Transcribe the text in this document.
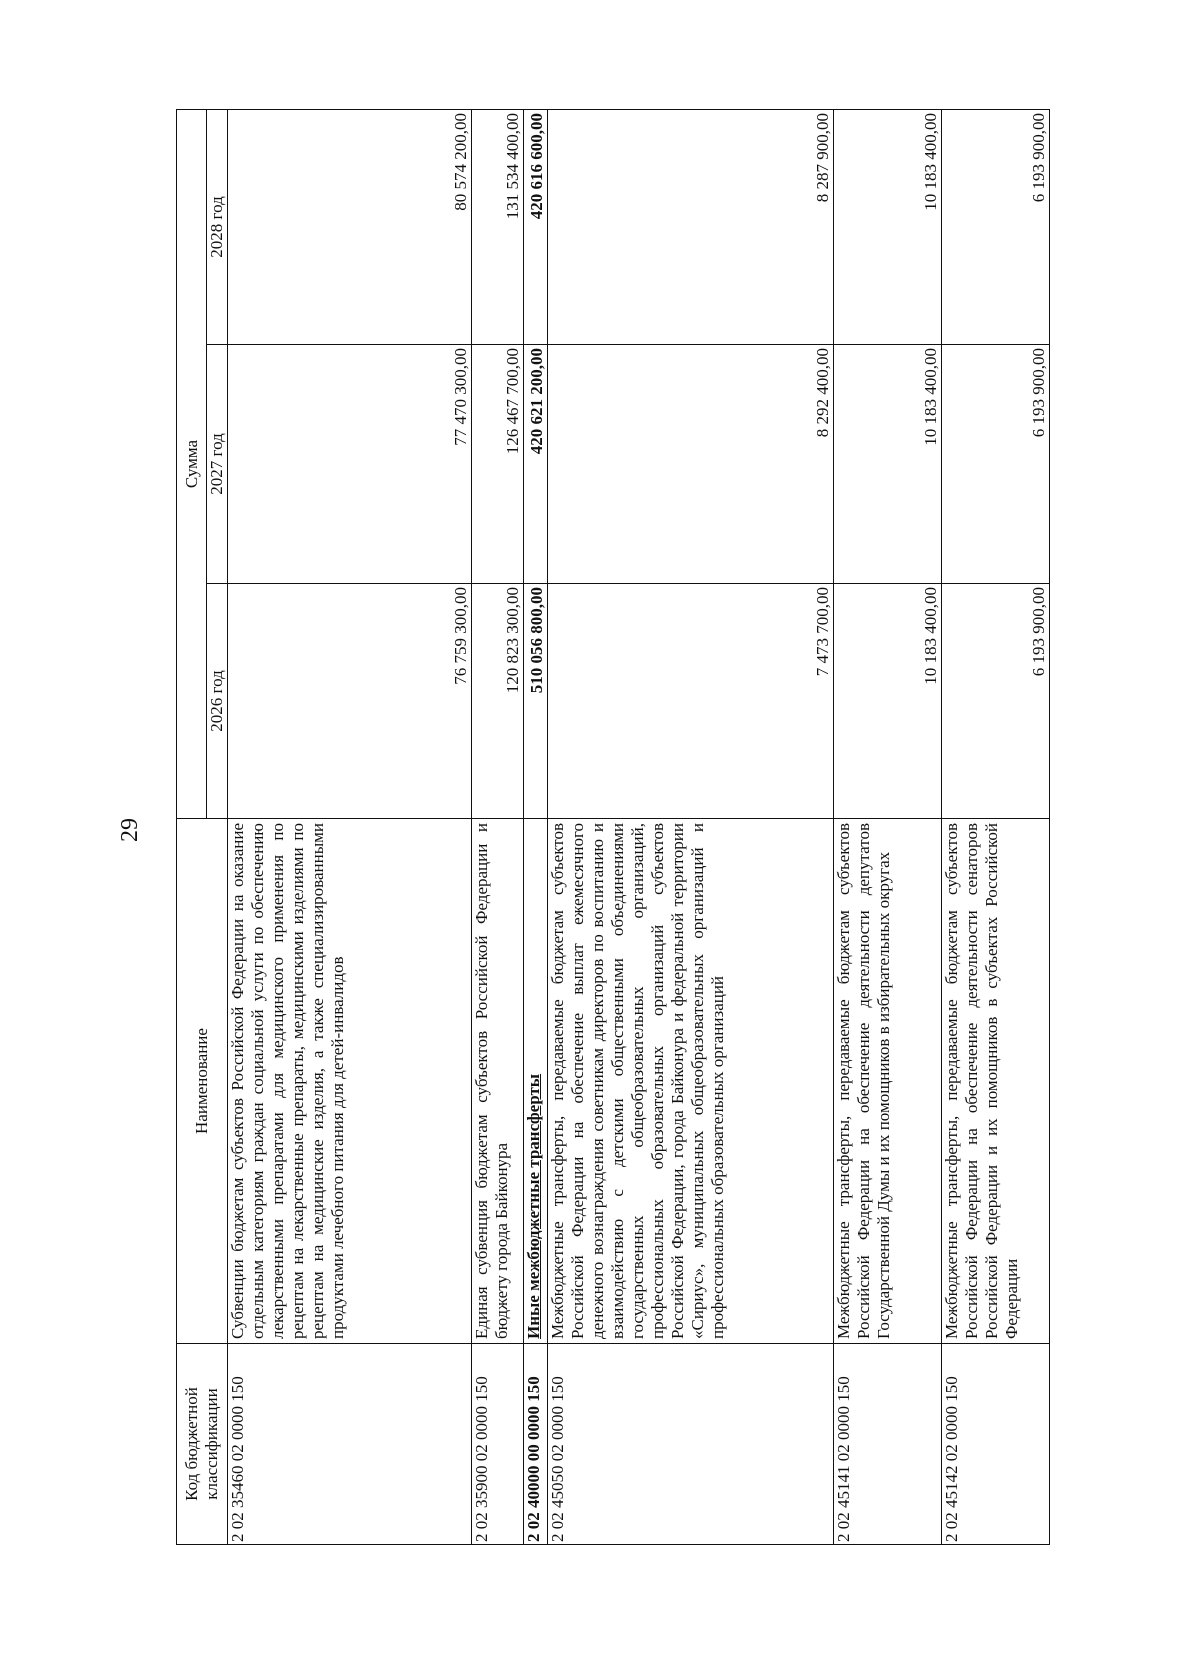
29
Код бюджетной классификации	Наименование	Сумма		
		2026 год	2027 год	2028 год
2 02 35460 02 0000 150	Субвенции бюджетам субъектов Российской Федерации на оказание отдельным категориям граждан социальной услуги по обеспечению лекарственными препаратами для медицинского применения по рецептам на лекарственные препараты, медицинскими изделиями по рецептам на медицинские изделия, а также специализированными продуктами лечебного питания для детей-инвалидов	76 759 300,00	77 470 300,00	80 574 200,00
2 02 35900 02 0000 150	Единая субвенция бюджетам субъектов Российской Федерации и бюджету города Байконура	120 823 300,00	126 467 700,00	131 534 400,00
2 02 40000 00 0000 150	Иные межбюджетные трансферты	510 056 800,00	420 621 200,00	420 616 600,00
2 02 45050 02 0000 150	Межбюджетные трансферты, передаваемые бюджетам субъектов Российской Федерации на обеспечение выплат ежемесячного денежного вознаграждения советникам директоров по воспитанию и взаимодействию с детскими общественными объединениями государственных общеобразовательных организаций, профессиональных образовательных организаций субъектов Российской Федерации, города Байконура и федеральной территории «Сириус», муниципальных общеобразовательных организаций и профессиональных образовательных организаций	7 473 700,00	8 292 400,00	8 287 900,00
2 02 45141 02 0000 150	Межбюджетные трансферты, передаваемые бюджетам субъектов Российской Федерации на обеспечение деятельности депутатов Государственной Думы и их помощников в избирательных округах	10 183 400,00	10 183 400,00	10 183 400,00
2 02 45142 02 0000 150	Межбюджетные трансферты, передаваемые бюджетам субъектов Российской Федерации на обеспечение деятельности сенаторов Российской Федерации и их помощников в субъектах Российской Федерации	6 193 900,00	6 193 900,00	6 193 900,00
